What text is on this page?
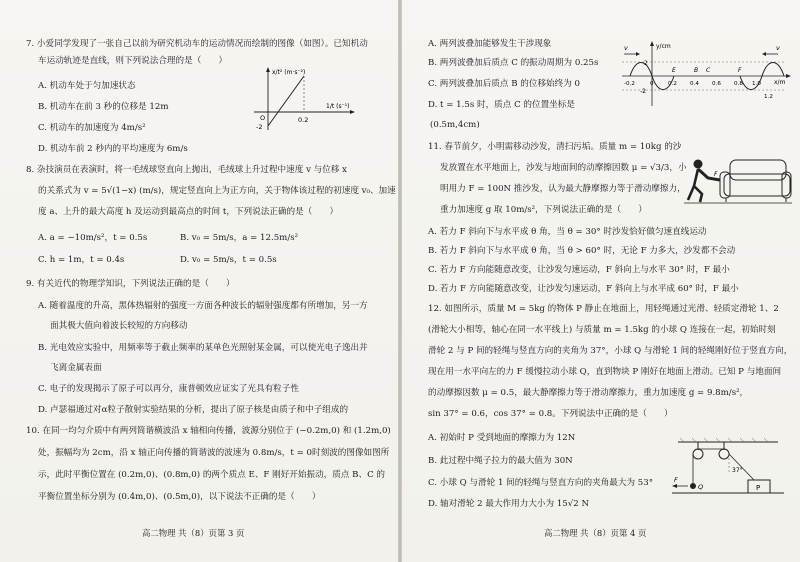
7. 小爱同学发现了一张自己以前为研究机动车的运动情况而绘制的图像（如图）。已知机动
车运动轨迹是直线，则下列说法合理的是（　　）
A. 机动车处于匀加速状态
B. 机动车在前 3 秒的位移是 12m
C. 机动车的加速度为 4m/s²
D. 机动车前 2 秒内的平均速度为 6m/s
x/t² (m·s⁻²)
1/t (s⁻¹)
-2
0.2
O
8. 杂技演员在表演时，将一毛绒球竖直向上抛出，毛绒球上升过程中速度 v 与位移 x
的关系式为 v = 5√(1−x) (m/s)，规定竖直向上为正方向，关于物体该过程的初速度 v₀、加速
度 a、上升的最大高度 h 及运动到最高点的时间 t，下列说法正确的是（　　）
A. a = −10m/s²，t = 0.5s	B. v₀ = 5m/s，a = 12.5m/s²
C. h = 1m，t = 0.4s	D. v₀ = 5m/s，t = 0.5s
9. 有关近代的物理学知识，下列说法正确的是（　　）
A. 随着温度的升高，黑体热辐射的强度一方面各种波长的辐射强度都有所增加，另一方
面其极大值向着波长较短的方向移动
B. 光电效应实验中，用频率等于截止频率的某单色光照射某金属，可以使光电子逸出并
飞离金属表面
C. 电子的发现揭示了原子可以再分，康普顿效应证实了光具有粒子性
D. 卢瑟福通过对α粒子散射实验结果的分析，提出了原子核是由质子和中子组成的
10. 在同一均匀介质中有两列简谐横波沿 x 轴相向传播，波源分别位于 (−0.2m,0) 和 (1.2m,0)
处，振幅均为 2cm，沿 x 轴正向传播的简谐波的波速为 0.8m/s，t = 0时刻波的图像如图所
示，此时平衡位置在 (0.2m,0)、(0.8m,0) 的两个质点 E、F 刚好开始振动，质点 B、C 的
平衡位置坐标分别为 (0.4m,0)、(0.5m,0)，以下说法不正确的是（　　）
高二物理 共（8）页第 3 页
A. 两列波叠加能够发生干涉现象
B. 两列波叠加后质点 C 的振动周期为 0.25s
C. 两列波叠加后质点 B 的位移始终为 0
D. t = 1.5s 时，质点 C 的位置坐标是
(0.5m,4cm)
v	v
y/cm
x/m
2
-2
-0.2	0	0.2 0.4 0.6 0.8 1.0
1.2
E	B C	F
11. 春节前夕，小明需移动沙发，清扫污垢。质量 m = 10kg 的沙
发放置在水平地面上，沙发与地面间的动摩擦因数 μ = √3/3，小
明用力 F = 100N 推沙发，认为最大静摩擦力等于滑动摩擦力，
重力加速度 g 取 10m/s²，下列说法正确的是（　　）
F
A. 若力 F 斜向下与水平成 θ 角，当 θ = 30° 时沙发恰好做匀速直线运动
B. 若力 F 斜向下与水平成 θ 角，当 θ > 60° 时，无论 F 力多大，沙发都不会动
C. 若力 F 方向能随意改变，让沙发匀速运动，F 斜向上与水平 30° 时，F 最小
D. 若力 F 方向能随意改变，让沙发匀速运动，F 斜向上与水平成 60° 时，F 最小
12. 如图所示，质量 M = 5kg 的物体 P 静止在地面上，用轻绳通过光滑、轻质定滑轮 1、2
(滑轮大小相等，轴心在同一水平线上) 与质量 m = 1.5kg 的小球 Q 连接在一起，初始时刻
滑轮 2 与 P 间的轻绳与竖直方向的夹角为 37°，小球 Q 与滑轮 1 间的轻绳刚好位于竖直方向，
现在用一水平向左的力 F 缓慢拉动小球 Q，直到物块 P 刚好在地面上滑动。已知 P 与地面间
的动摩擦因数 μ = 0.5，最大静摩擦力等于滑动摩擦力，重力加速度 g = 9.8m/s²，
sin 37° = 0.6，cos 37° = 0.8。下列说法中正确的是（　　）
A. 初始时 P 受到地面的摩擦力为 12N
B. 此过程中绳子拉力的最大值为 30N
C. 小球 Q 与滑轮 1 间的轻绳与竖直方向的夹角最大为 53°
D. 轴对滑轮 2 最大作用力大小为 15√2 N
37°
P
Q
F
高二物理 共（8）页第 4 页
